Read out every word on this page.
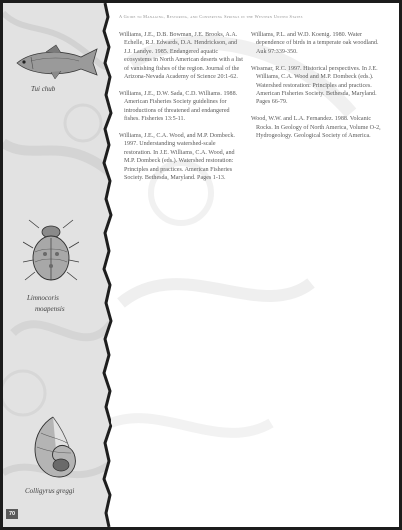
Tui chub
Limnocoris
moapensis
Colligyrus greggi
A Guide to Managing, Restoring, and Conserving Springs in the Western United States

Williams, J.E., D.B. Bowman, J.E. Brooks, A.A. Echelle, R.J. Edwards, D.A. Hendrickson, and J.J. Landye. 1985. Endangered aquatic ecosystems in North American deserts with a list of vanishing fishes of the region. Journal of the Arizona-Nevada Academy of Science 20:1-62.

Williams, J.E., D.W. Sada, C.D. Williams. 1988. American Fisheries Society guidelines for introductions of threatened and endangered fishes. Fisheries 13:5-11.

Williams, J.E., C.A. Wood, and M.P. Dombeck. 1997. Understanding watershed-scale restoration. In J.E. Williams, C.A. Wood, and M.P. Dombeck (eds.). Watershed restoration: Principles and practices. American Fisheries Society. Bethesda, Maryland. Pages 1-13.

Williams, P.L. and W.D. Koenig. 1980. Water dependence of birds in a temperate oak woodland. Auk 97:339-350.

Wissmar, R.C. 1997. Historical perspectives. In J.E. Williams, C.A. Wood and M.P. Dombeck (eds.). Watershed restoration: Principles and practices. American Fisheries Society. Bethesda, Maryland. Pages 66-79.

Wood, W.W. and L.A. Fernandez. 1988. Volcanic Rocks. In Geology of North America, Volume O-2, Hydrogeology. Geological Society of America.

70
